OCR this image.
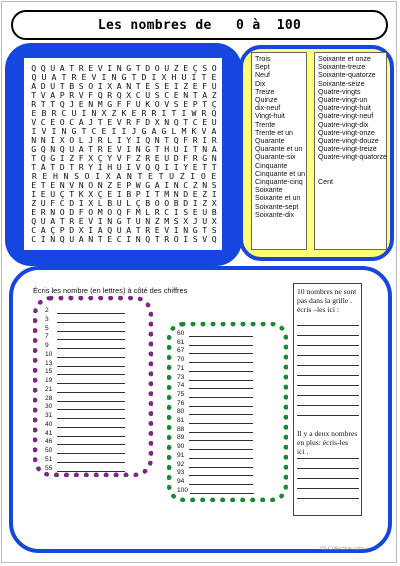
Les nombres de
0
à
100
Q Q U A T R E V I N G T D O U Z E Ç S O
Q U A T R E V I N G T D I X H U I T E
A D U T B S O I X A N T E S E I Z E F U
T V A P R V F Q R Q X C U S C E N T A Z
R T T Q J E N M G F F U K O V S E P T Ç
E B R C U I N X Z K E R R I T I W R Q
V C E O C A J T E V R F D X N Q T C E U
I V I N G T C E I I J G A G L M K V A
N N I X O L J R L I Y I Q N T Q F R I R
G Q N Q U A T R E V I N G T H U I T N A
T Q G I Z F X Ç Y V F Z R E U D F R G N
T A T D T R Y I H U I V Q Q I I Y E T T
R E H N S O I X A N T E T U Z I O E
E T E N V N O N Z E P W G A I N C Z N S
I E U Ç T K X Ç E I B P I T M N D E Z I
Z U F C D I X L B U L Ç B O O B D I Z X
E R N O D F O M O Q F M L R C I S E U B
Q U A T R E V I N G T U N Z M S X J U X
C A Ç P D X I A Q U A T R E V I N G T S
C I N Q U A N T E C I N Q T R O I S V Q
Trois
Sept
Neuf
Dix
Treize
Quinze
dix-neuf
Vingt-huit
Trente
Trente et un
Quarante
Quarante et un
Quarante-six
Cinquante
Cinquante et un
Cinquante-cinq
Soixante
Soixante et un
Soixante-sept
Soixante-dix
Soixante et onze
Soixante-treize
Soixante-quatorze
Soixante-seize
Quatre-vingts
Quatre-vingt-un
Quatre-vingt-huit
Quatre-vingt-neuf
Quatre-vingt-dix
Quatre-vingt-onze
Quatre-vingt-douze
Quatre-vingt-treize
Quatre-vingt-quatorze

Cent
Écris les nombre (en lettres) à côté des chiffres
2
3
5
7
9
10
13
15
19
21
28
30
31
40
41
46
50
51
55
60
61
67
70
71
73
74
75
76
80
81
88
89
90
91
92
93
94
100
10 nombres ne sont
pas dans la grille .
écris –les ici :
Il y a deux nombres
en plus: écris-les
ici .
iSLCollective.com
